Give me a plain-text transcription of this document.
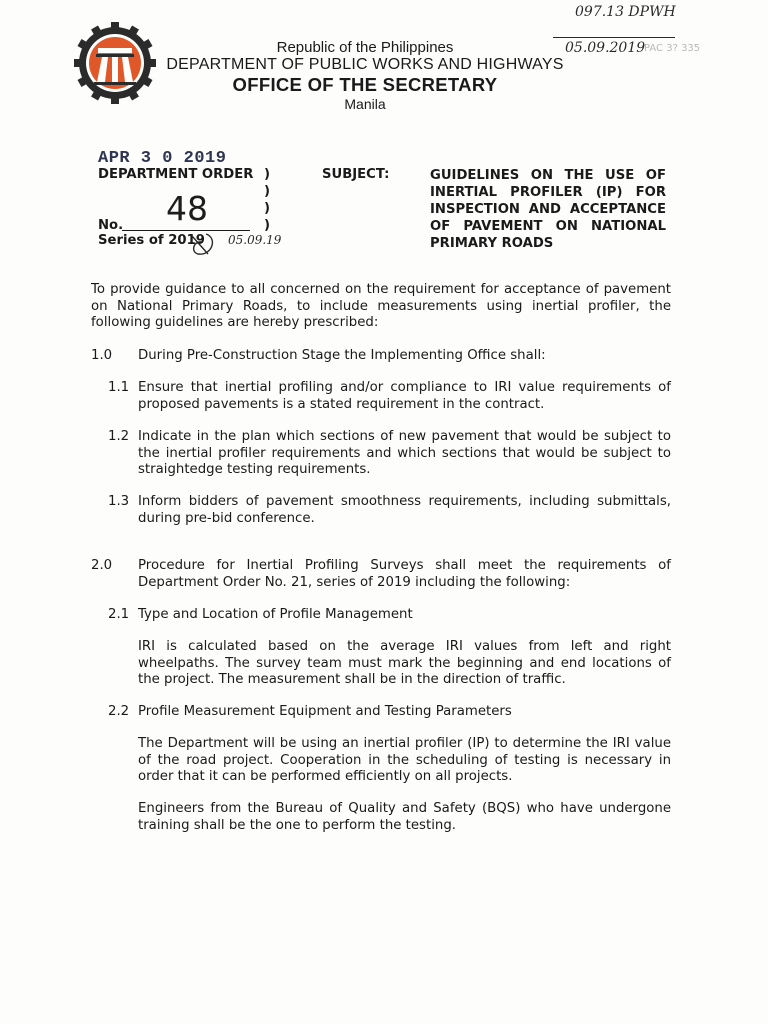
Republic of the Philippines
DEPARTMENT OF PUBLIC WORKS AND HIGHWAYS
OFFICE OF THE SECRETARY
Manila
097.13 DPWH
05.09.2019
PAC 3? 335
APR 3 0 2019
DEPARTMENT ORDER )
)
)
)
48
No.
Series of 2019 05.09.19
SUBJECT:	GUIDELINES ON THE USE OF
INERTIAL PROFILER (IP) FOR
INSPECTION AND ACCEPTANCE
OF PAVEMENT ON NATIONAL
PRIMARY ROADS
To provide guidance to all concerned on the requirement for acceptance of pavement on National Primary Roads, to include measurements using inertial profiler, the following guidelines are hereby prescribed:
1.0 During Pre-Construction Stage the Implementing Office shall:
1.1 Ensure that inertial profiling and/or compliance to IRI value requirements of proposed pavements is a stated requirement in the contract.
1.2 Indicate in the plan which sections of new pavement that would be subject to the inertial profiler requirements and which sections that would be subject to straightedge testing requirements.
1.3 Inform bidders of pavement smoothness requirements, including submittals, during pre-bid conference.
2.0 Procedure for Inertial Profiling Surveys shall meet the requirements of Department Order No. 21, series of 2019 including the following:
2.1 Type and Location of Profile Management
IRI is calculated based on the average IRI values from left and right wheelpaths. The survey team must mark the beginning and end locations of the project. The measurement shall be in the direction of traffic.
2.2 Profile Measurement Equipment and Testing Parameters
The Department will be using an inertial profiler (IP) to determine the IRI value of the road project. Cooperation in the scheduling of testing is necessary in order that it can be performed efficiently on all projects.
Engineers from the Bureau of Quality and Safety (BQS) who have undergone training shall be the one to perform the testing.
